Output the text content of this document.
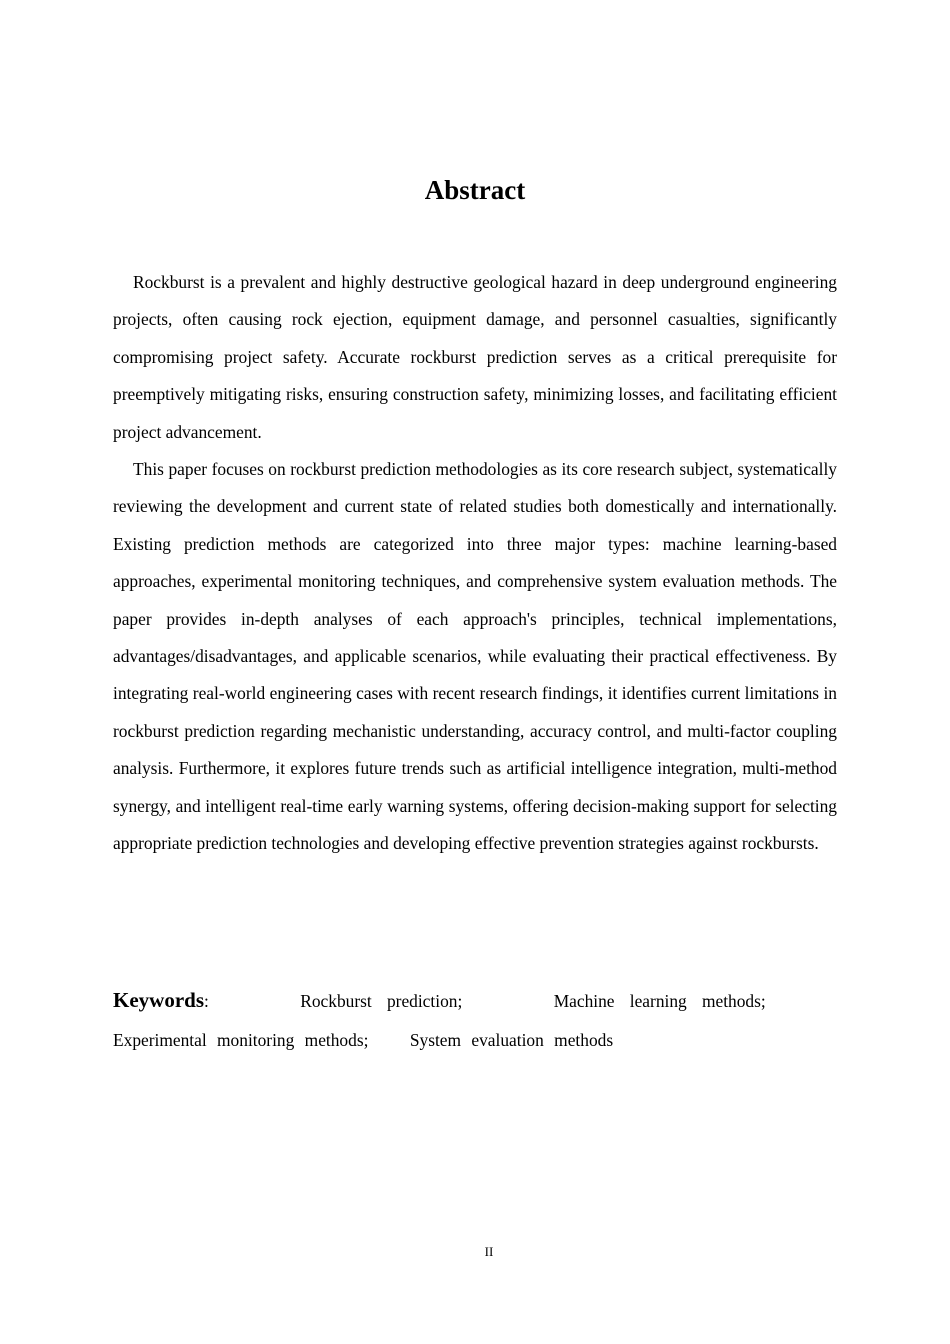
Abstract

Rockburst is a prevalent and highly destructive geological hazard in deep underground engineering projects, often causing rock ejection, equipment damage, and personnel casualties, significantly compromising project safety. Accurate rockburst prediction serves as a critical prerequisite for preemptively mitigating risks, ensuring construction safety, minimizing losses, and facilitating efficient project advancement.

This paper focuses on rockburst prediction methodologies as its core research subject, systematically reviewing the development and current state of related studies both domestically and internationally. Existing prediction methods are categorized into three major types: machine learning-based approaches, experimental monitoring techniques, and comprehensive system evaluation methods. The paper provides in-depth analyses of each approach's principles, technical implementations, advantages/disadvantages, and applicable scenarios, while evaluating their practical effectiveness. By integrating real-world engineering cases with recent research findings, it identifies current limitations in rockburst prediction regarding mechanistic understanding, accuracy control, and multi-factor coupling analysis. Furthermore, it explores future trends such as artificial intelligence integration, multi-method synergy, and intelligent real-time early warning systems, offering decision-making support for selecting appropriate prediction technologies and developing effective prevention strategies against rockbursts.

Keywords:	Rockburst prediction;	Machine learning methods;      Experimental monitoring methods; System evaluation methods
II
